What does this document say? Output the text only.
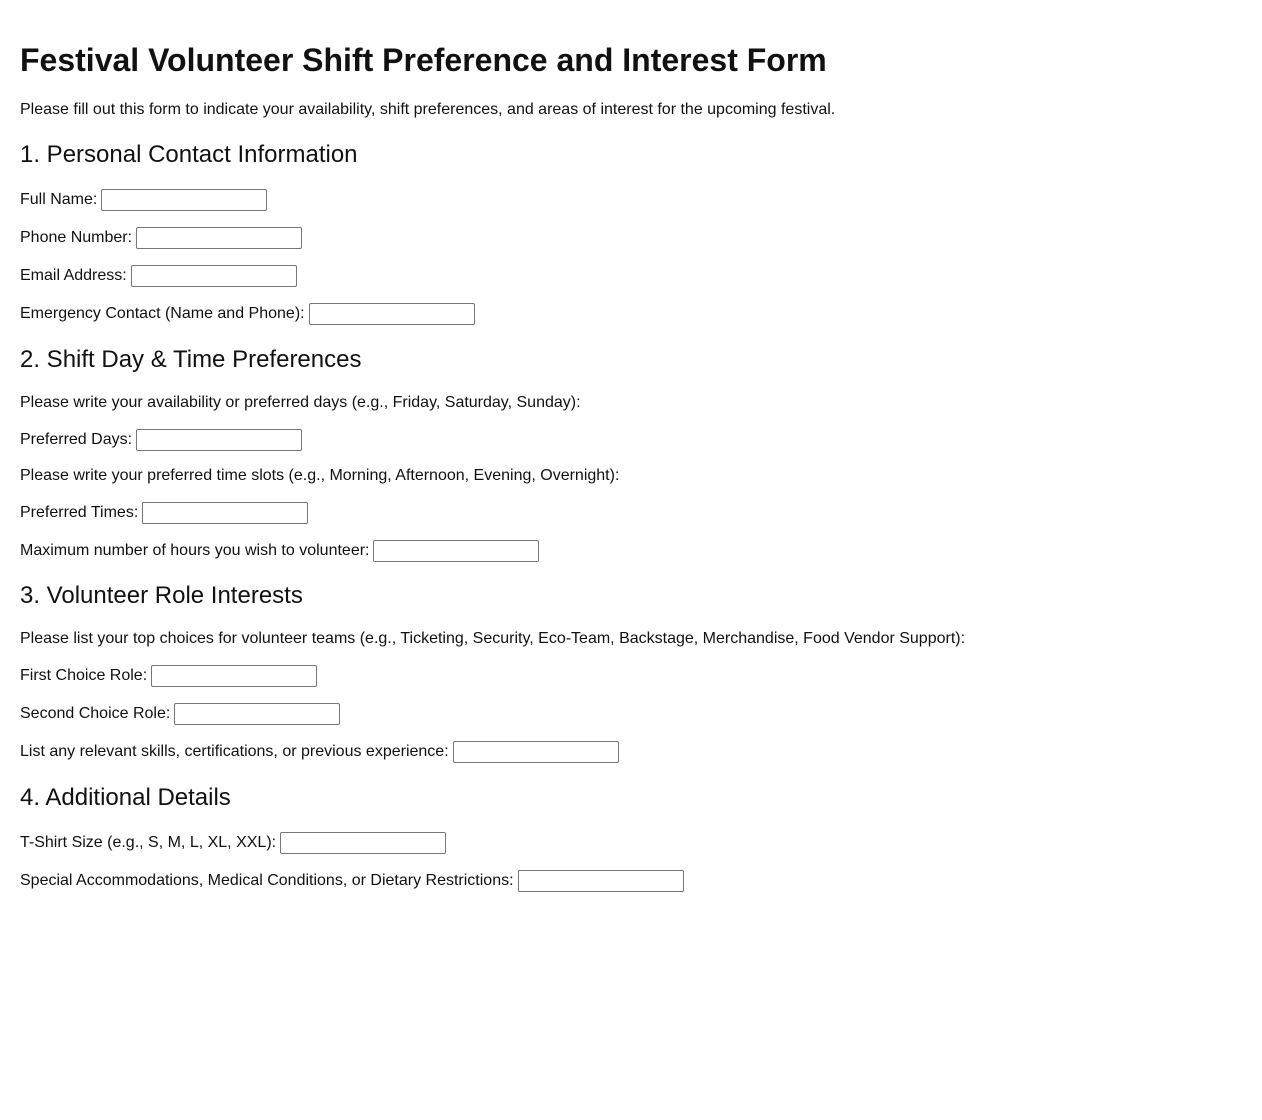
Festival Volunteer Shift Preference and Interest Form

Please fill out this form to indicate your availability, shift preferences, and areas of interest for the upcoming festival.

1. Personal Contact Information
Full Name:
Phone Number:
Email Address:
Emergency Contact (Name and Phone):
2. Shift Day & Time Preferences

Please write your availability or preferred days (e.g., Friday, Saturday, Sunday):

Preferred Days:

Please write your preferred time slots (e.g., Morning, Afternoon, Evening, Overnight):

Preferred Times:
Maximum number of hours you wish to volunteer:
3. Volunteer Role Interests

Please list your top choices for volunteer teams (e.g., Ticketing, Security, Eco-Team, Backstage, Merchandise, Food Vendor Support):

First Choice Role:
Second Choice Role:
List any relevant skills, certifications, or previous experience:
4. Additional Details
T-Shirt Size (e.g., S, M, L, XL, XXL):
Special Accommodations, Medical Conditions, or Dietary Restrictions:
